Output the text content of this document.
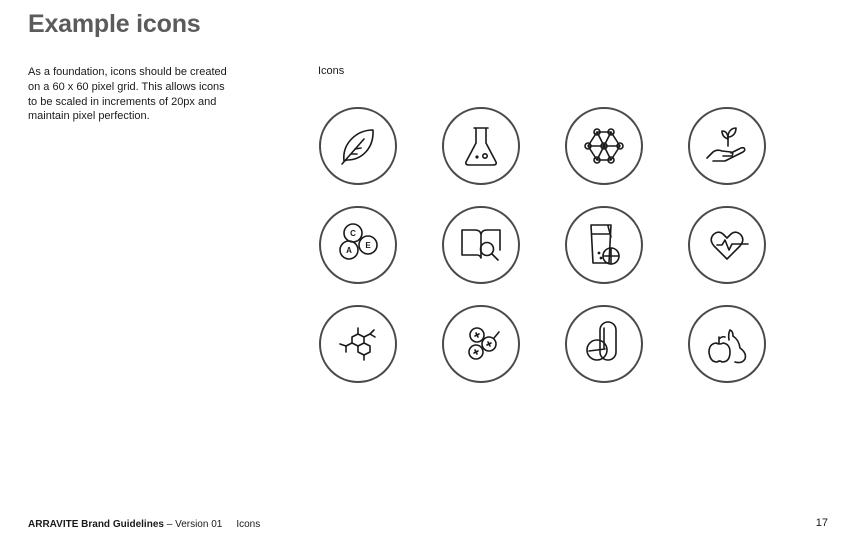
Example icons

As a foundation, icons should be created on a 60 x 60 pixel grid. This allows icons to be scaled in increments of 20px and maintain pixel perfection.

Icons
C
A
E
ARRAVITE Brand Guidelines – Version 01 Icons	17
